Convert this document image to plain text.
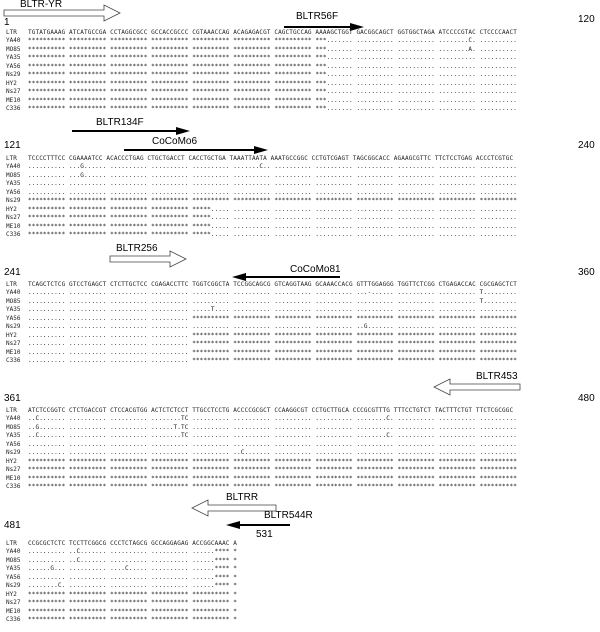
BLTR-YR
BLTR56F
BLTR134F
CoCoMo6
BLTR256
CoCoMo81
BLTR453
BLTRR
BLTR544R
1	120
LTR	TGTATGAAAG ATCATGCCGA CCTAGGCGCC GCCACCGCCC CGTAAACCAG ACAGAGACGT CAGCTGCCAG AAAAGCTGGT GACGGCAGCT GGTGGCTAGA ATCCCCGTAC CTCCCCAACT
YA40	********** ********** ********** ********** ********** ********** ********** ***....... .......... .......... ........C. ..........
MO85	********** ********** ********** ********** ********** ********** ********** ***....... .......... .......... ........A. ..........
YA35	********** ********** ********** ********** ********** ********** ********** ***....... .......... .......... .......... ..........
YA56	********** ********** ********** ********** ********** ********** ********** ***....... .......... .......... .......... ..........
Ns29	********** ********** ********** ********** ********** ********** ********** ***....... .......... .......... .......... ..........
HY2	********** ********** ********** ********** ********** ********** ********** ***....... .......... .......... .......... ..........
Ns27	********** ********** ********** ********** ********** ********** ********** ***....... .......... .......... .......... ..........
ME10	********** ********** ********** ********** ********** ********** ********** ***....... .......... .......... .......... ..........
C336	********** ********** ********** ********** ********** ********** ********** ***....... .......... .......... .......... ..........
121	240
LTR	TCCCCTTTCC CGAAAATCC ACACCCTGAG CTGCTGACCT CACCTGCTGA TAAATTAATA AAATGCCGGC CCTGTCGAGT TAGCGGCACC AGAAGCGTTC TTCTCCTGAG ACCCTCGTGC
YA40	.......... ...G...... .......... .......... .......... .......C.. .......... .......... .......... .......... .......... ..........
MO85	.......... ...G...... .......... .......... .......... .......... .......... .......... .......... .......... .......... ..........
YA35	.......... .......... .......... .......... .......... .......... .......... .......... .......... .......... .......... ..........
YA56	.......... .......... .......... .......... .......... .......... .......... .......... .......... .......... .......... ..........
Ns29	********** ********** ********** ********** ********** ********** ********** ********** ********** ********** ********** **********
HY2	********** ********** ********** ********** *****..... .......... .......... .......... .......... .......... .......... ..........
Ns27	********** ********** ********** ********** *****..... .......... .......... .......... .......... .......... .......... ..........
ME10	********** ********** ********** ********** *****..... .......... .......... .......... .......... .......... .......... ..........
C336	********** ********** ********** ********** *****..... .......... .......... .......... .......... .......... .......... ..........
241	360
LTR	TCAGCTCTCG GTCCTGAGCT CTCTTGCTCC CGAGACCTTC TGGTCGGCTA TCCGGCAGCG GTCAGGTAAG GCAAACCACG GTTTGGAGGG TGGTTCTCGG CTGAGACCAC CGCGAGCTCT
YA40	.......... .......... .......... .......... .......... .......... .......... .......... ...-...... .......... .......... T.........
MO85	.......... .......... .......... .......... .......... .......... .......... .......... .......... .......... .......... T.........
YA35	.......... .......... .......... .......... .....T.... .......... .......... .......... .......... .......... .......... ..........
YA56	.......... .......... .......... .......... ********** ********** ********** ********** ********** ********** ********** **********
Ns29	.......... .......... .......... .......... .......... .......... .......... .......... ..G....... .......... .......... ..........
HY2	.......... .......... .......... .......... ********** ********** ********** ********** ********** ********** ********** **********
Ns27	.......... .......... .......... .......... ********** ********** ********** ********** ********** ********** ********** **********
ME10	.......... .......... .......... .......... ********** ********** ********** ********** ********** ********** ********** **********
C336	.......... .......... .......... .......... ********** ********** ********** ********** ********** ********** ********** **********
361	480
LTR	ATCTCCGGTC CTCTGACCGT CTCCACGTGG ACTCTCTCCT TTGCCTCCTG ACCCCGCGCT CCAAGGCGT CCTGCTTGCA CCCGCGTTTG TTTCCTGTCT TACTTTCTGT TTCTCGCGGC
YA40	..C....... .......... .......... ........TC .......... .......... .......... .......... ........C. .......... .......... ..........
MO85	..G....... .......... .......... ......T.TC .......... .......... .......... .......... .......... .......... .......... ..........
YA35	..C....... .......... .......... ........TC .......... .......... .......... .......... ........C. .......... .......... ..........
YA56	.......... .......... .......... .......... .......... .......... .......... .......... .......... .......... .......... ..........
Ns29	.......... .......... .......... .......... .......... ..C....... .......... .......... .......... .......... .......... ..........
HY2	********** ********** ********** ********** ********** ********** ********** ********** ********** ********** ********** **********
Ns27	********** ********** ********** ********** ********** ********** ********** ********** ********** ********** ********** **********
ME10	********** ********** ********** ********** ********** ********** ********** ********** ********** ********** ********** **********
C336	********** ********** ********** ********** ********** ********** ********** ********** ********** ********** ********** **********
481
531
LTR	CCGCGCTCTC TCCTTCGGCG CCCTCTAGCG GCCAGGAGAG ACCGGCAAAC A
YA40	.......... ..C....... .......... .......... ......**** *
MO85	.......... ..C....... .......... .......... ......**** *
YA35	......G... .......... ....C..... .......... ......**** *
YA56	.......... .......... .......... .......... ......**** *
Ns29	........C. .......... .......... .......... ......**** *
HY2	********** ********** ********** ********** ********** *
Ns27	********** ********** ********** ********** ********** *
ME10	********** ********** ********** ********** ********** *
C336	********** ********** ********** ********** ********** *
